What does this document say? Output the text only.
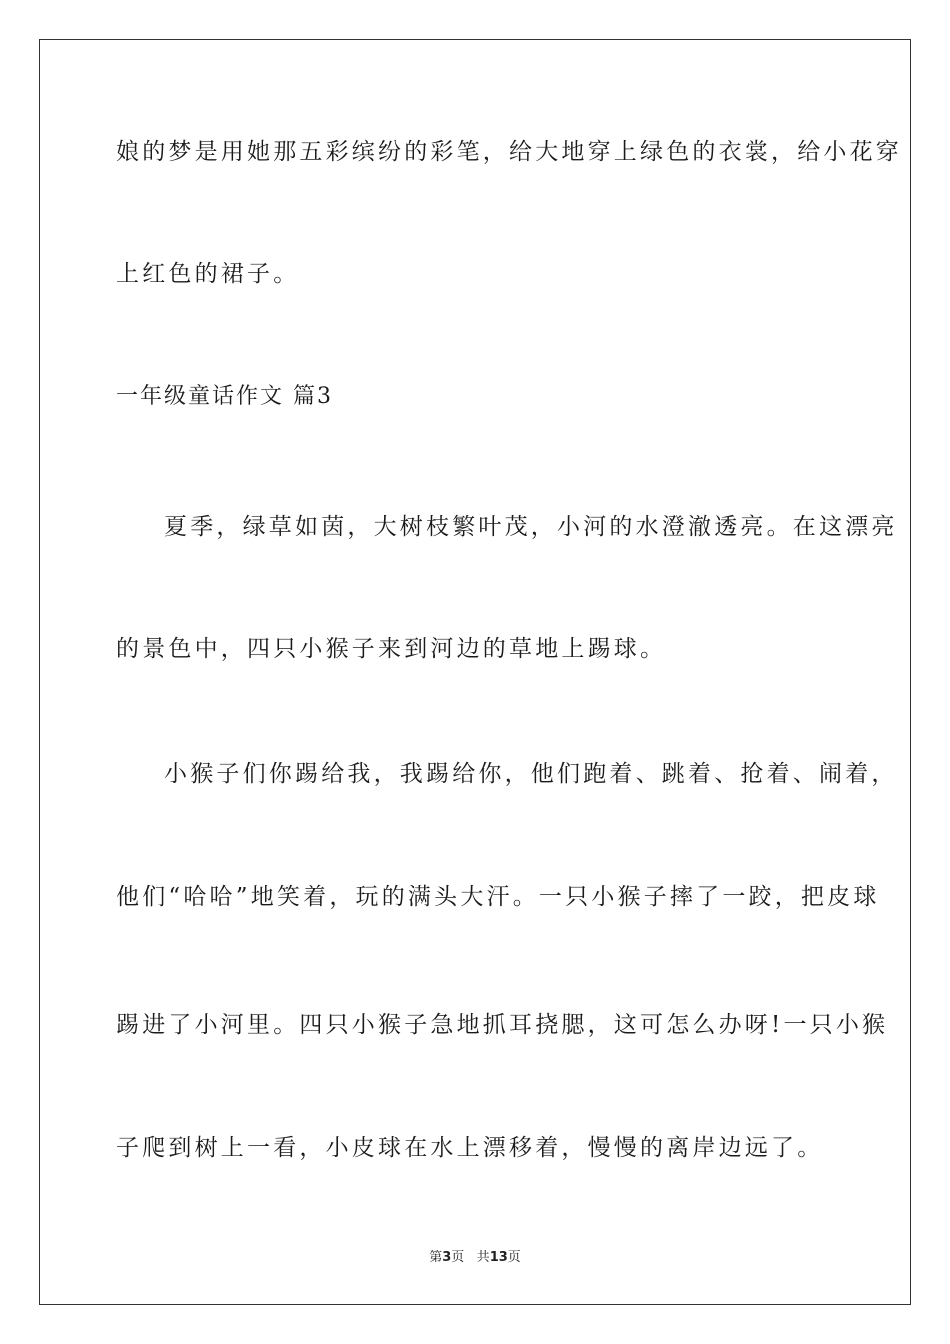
娘的梦是用她那五彩缤纷的彩笔，给大地穿上绿色的衣裳，给小花穿

上红色的裙子。

一年级童话作文 篇3

夏季，绿草如茵，大树枝繁叶茂，小河的水澄澈透亮。在这漂亮

的景色中，四只小猴子来到河边的草地上踢球。

小猴子们你踢给我，我踢给你，他们跑着、跳着、抢着、闹着，

他们“哈哈”地笑着，玩的满头大汗。一只小猴子摔了一跤，把皮球

踢进了小河里。四只小猴子急地抓耳挠腮，这可怎么办呀!一只小猴

子爬到树上一看，小皮球在水上漂移着，慢慢的离岸边远了。

第3页 共13页
